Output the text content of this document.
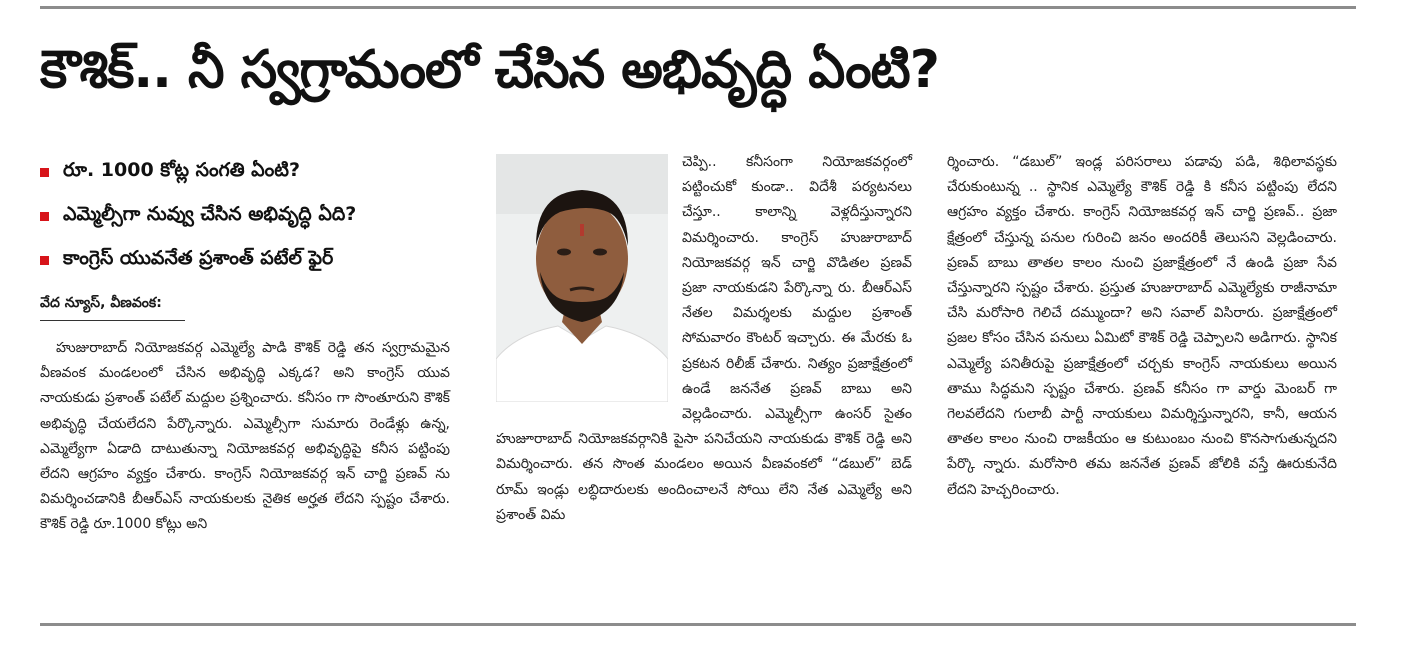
కౌశిక్.. నీ స్వగ్రామంలో చేసిన అభివృద్ధి ఏంటి?
రూ. 1000 కోట్ల సంగతి ఏంటి?
ఎమ్మెల్సీగా నువ్వు చేసిన అభివృద్ధి ఏది?
కాంగ్రెస్ యువనేత ప్రశాంత్ పటేల్ ఫైర్
వేద న్యూస్, వీణవంక:
హుజురాబాద్ నియోజకవర్గ ఎమ్మెల్యే పాడి కౌశిక్ రెడ్డి తన స్వగ్రామమైన వీణవంక మండలంలో చేసిన అభివృద్ధి ఎక్కడ? అని కాంగ్రెస్ యువ నాయకుడు ప్రశాంత్ పటేల్ మద్దుల ప్రశ్నించారు. కనీసం గా సొంతూరుని కౌశిక్ అభివృద్ధి చేయలేదని పేర్కొన్నారు. ఎమ్మెల్సీగా సుమారు రెండేళ్లు ఉన్న, ఎమ్మెల్యేగా ఏడాది దాటుతున్నా నియోజకవర్గ అభివృద్ధిపై కనీస పట్టింపు లేదని ఆగ్రహం వ్యక్తం చేశారు. కాంగ్రెస్ నియోజకవర్గ ఇన్ చార్జి ప్రణవ్ ను విమర్శించడానికి బీఆర్ఎస్ నాయకులకు నైతిక అర్హత లేదని స్పష్టం చేశారు. కౌశిక్ రెడ్డి రూ.1000 కోట్లు అని
చెప్పి.. కనీసంగా నియోజకవర్గంలో పట్టించుకో కుండా.. విదేశీ పర్యటనలు చేస్తూ.. కాలాన్ని వెళ్లదీస్తున్నారని విమర్శించారు. కాంగ్రెస్ హుజురాబాద్ నియోజకవర్గ ఇన్ చార్జి వొడితల ప్రణవ్ ప్రజా నాయకుడని పేర్కొన్నా రు. బీఆర్ఎస్ నేతల విమర్శలకు మద్దుల ప్రశాంత్ సోమవారం కౌంటర్ ఇచ్చారు. ఈ మేరకు ఓ ప్రకటన రిలీజ్ చేశారు. నిత్యం ప్రజాక్షేత్రంలో ఉండే జననేత ప్రణవ్ బాబు అని వెల్లడించారు. ఎమ్మెల్సీగా ఉంసర్ సైతం హుజూరాబాద్ నియోజకవర్గానికి పైసా పనిచేయని నాయకుడు కౌశిక్ రెడ్డి అని విమర్శించారు. తన సొంత మండలం అయిన వీణవంకలో “డబుల్” బెడ్ రూమ్ ఇండ్లు లబ్ధిదారులకు అందించాలనే సోయి లేని నేత ఎమ్మెల్యే అని ప్రశాంత్ విమ
ర్శించారు. “డబుల్” ఇండ్ల పరిసరాలు పడావు పడి, శిథిలావస్థకు చేరుకుంటున్న .. స్థానిక ఎమ్మెల్యే కౌశిక్ రెడ్డి కి కనీస పట్టింపు లేదని ఆగ్రహం వ్యక్తం చేశారు. కాంగ్రెస్ నియోజకవర్గ ఇన్ చార్జి ప్రణవ్.. ప్రజా క్షేత్రంలో చేస్తున్న పనుల గురించి జనం అందరికీ తెలుసని వెల్లడించారు. ప్రణవ్ బాబు తాతల కాలం నుంచి ప్రజాక్షేత్రంలో నే ఉండి ప్రజా సేవ చేస్తున్నారని స్పష్టం చేశారు. ప్రస్తుత హుజురాబాద్ ఎమ్మెల్యేకు రాజీనామా చేసి మరోసారి గెలిచే దమ్ముందా? అని సవాల్ విసిరారు. ప్రజాక్షేత్రంలో ప్రజల కోసం చేసిన పనులు ఏమిటో కౌశిక్ రెడ్డి చెప్పాలని అడిగారు. స్థానిక ఎమ్మెల్యే పనితీరుపై ప్రజాక్షేత్రంలో చర్చకు కాంగ్రెస్ నాయకులు అయిన తాము సిద్ధమని స్పష్టం చేశారు. ప్రణవ్ కనీసం గా వార్డు మెంబర్ గా గెలవలేదని గులాబీ పార్టీ నాయకులు విమర్శిస్తున్నారని, కానీ, ఆయన తాతల కాలం నుంచి రాజకీయం ఆ కుటుంబం నుంచి కొనసాగుతున్నదని పేర్కొ న్నారు. మరోసారి తమ జననేత ప్రణవ్ జోలికి వస్తే ఊరుకునేది లేదని హెచ్చరించారు.
